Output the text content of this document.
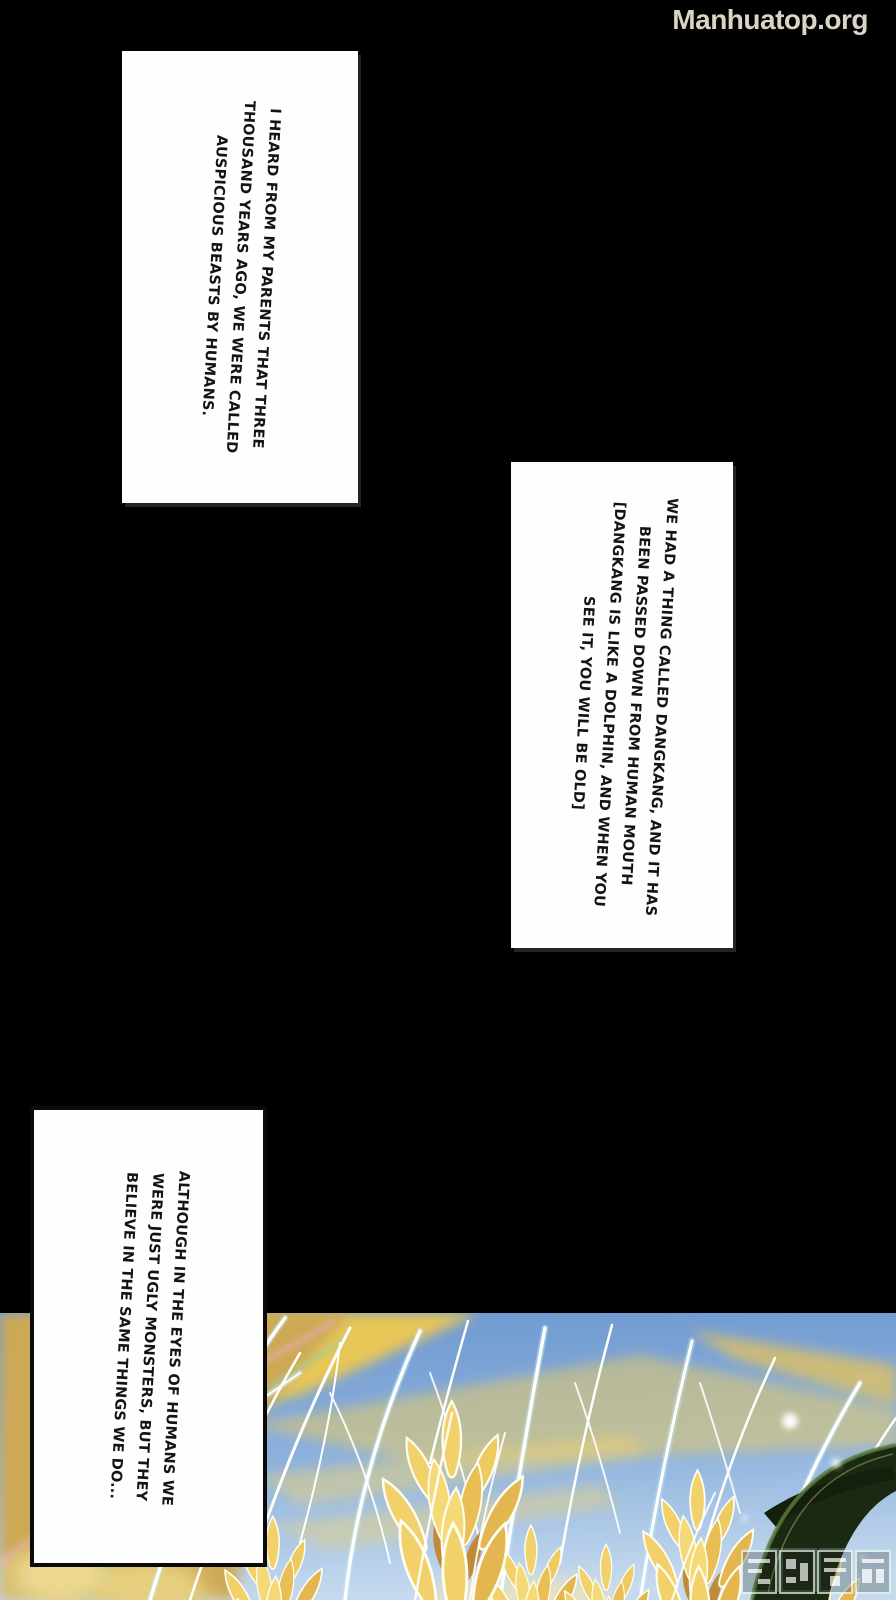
Manhuatop.org
I HEARD FROM MY PARENTS THAT THREE
THOUSAND YEARS AGO, WE WERE CALLED
AUSPICIOUS BEASTS BY HUMANS.
WE HAD A THING CALLED DANGKANG, AND IT HAS
BEEN PASSED DOWN FROM HUMAN MOUTH
[DANGKANG IS LIKE A DOLPHIN, AND WHEN YOU
SEE IT, YOU WILL BE OLD]
ALTHOUGH IN THE EYES OF HUMANS WE
WERE JUST UGLY MONSTERS, BUT THEY
BELIEVE IN THE SAME THINGS WE DO...
